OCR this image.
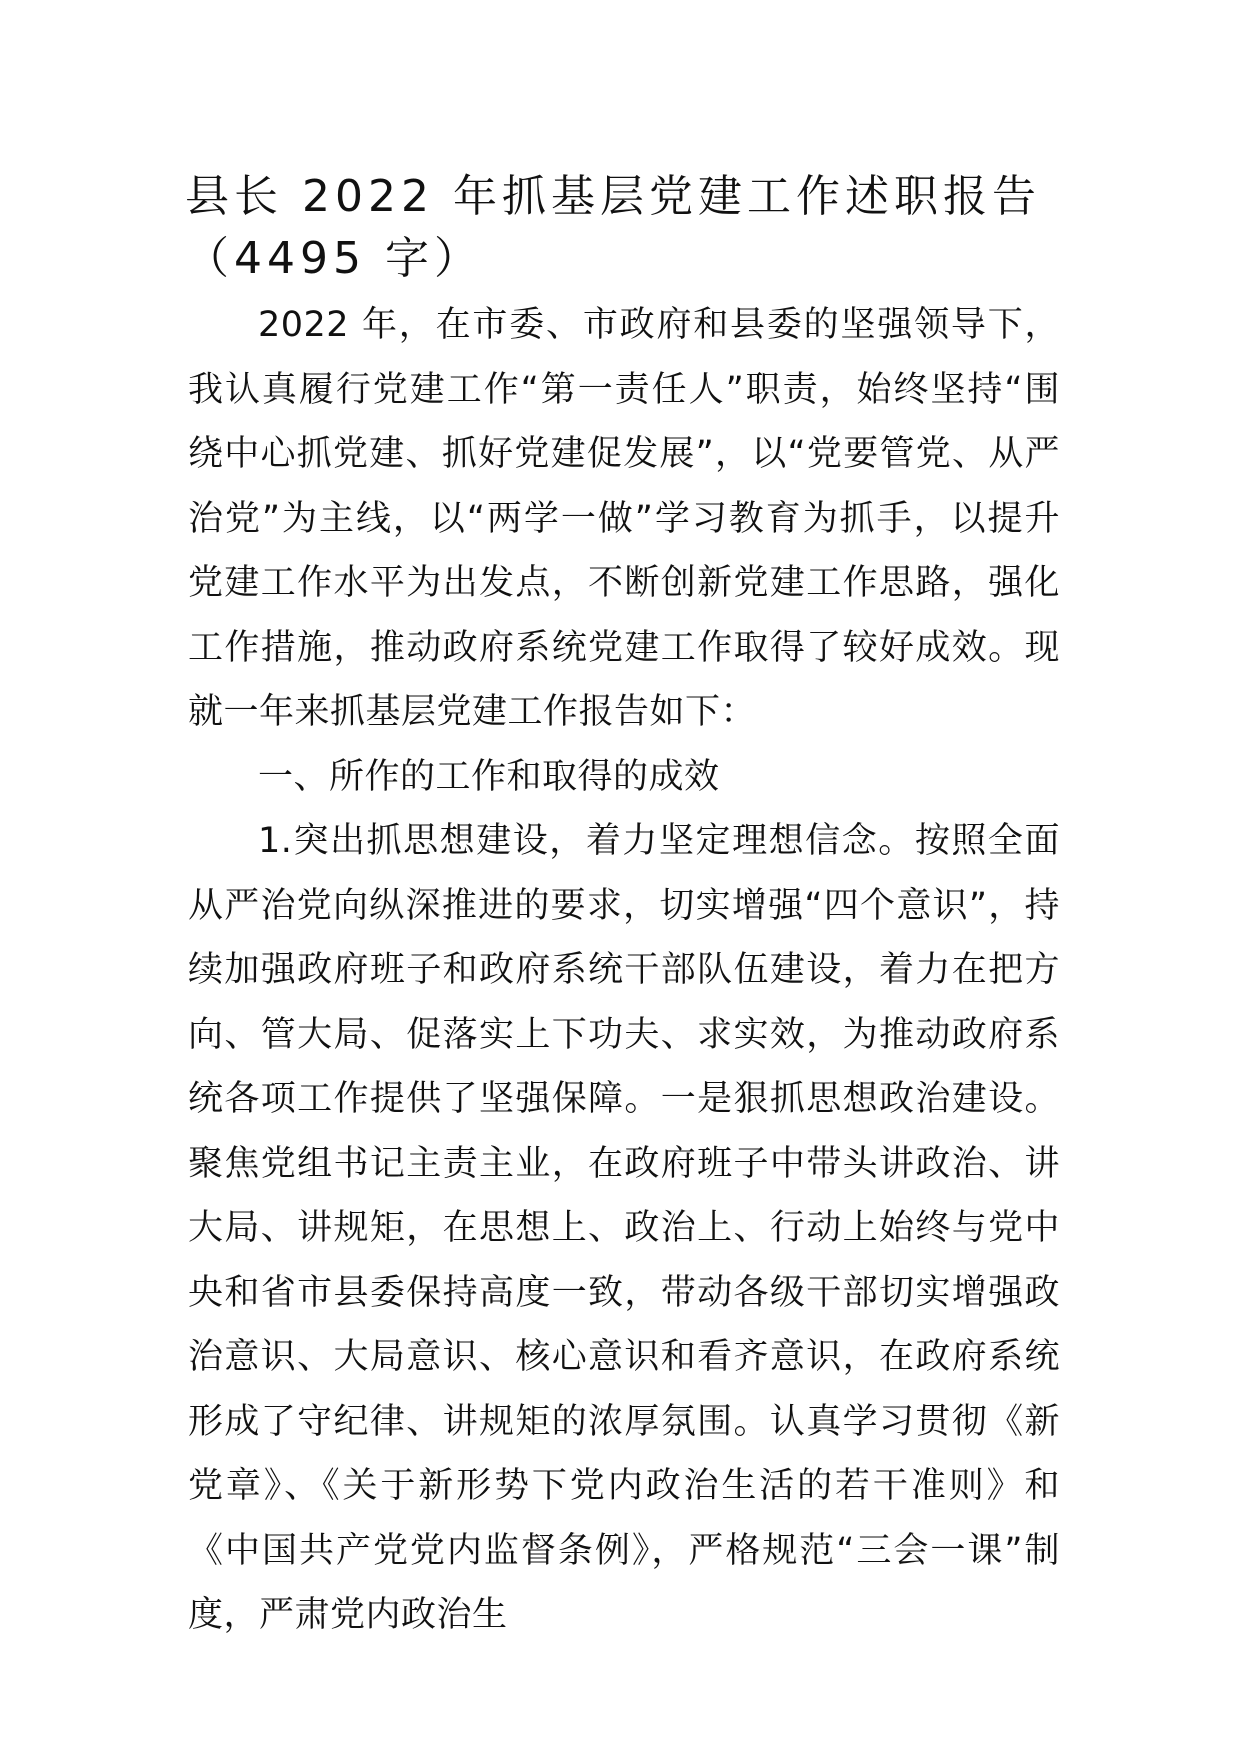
县长 2022 年抓基层党建工作述职报告（4495 字）

2022 年，在市委、市政府和县委的坚强领导下，我认真履行党建工作“第一责任人”职责，始终坚持“围绕中心抓党建、抓好党建促发展”，以“党要管党、从严治党”为主线，以“两学一做”学习教育为抓手，以提升党建工作水平为出发点，不断创新党建工作思路，强化工作措施，推动政府系统党建工作取得了较好成效。现就一年来抓基层党建工作报告如下：

一、所作的工作和取得的成效

1.突出抓思想建设，着力坚定理想信念。按照全面从严治党向纵深推进的要求，切实增强“四个意识”，持续加强政府班子和政府系统干部队伍建设，着力在把方向、管大局、促落实上下功夫、求实效，为推动政府系统各项工作提供了坚强保障。一是狠抓思想政治建设。聚焦党组书记主责主业，在政府班子中带头讲政治、讲大局、讲规矩，在思想上、政治上、行动上始终与党中央和省市县委保持高度一致，带动各级干部切实增强政治意识、大局意识、核心意识和看齐意识，在政府系统形成了守纪律、讲规矩的浓厚氛围。认真学习贯彻《新党章》、《关于新形势下党内政治生活的若干准则》和《中国共产党党内监督条例》，严格规范“三会一课”制度，严肃党内政治生
